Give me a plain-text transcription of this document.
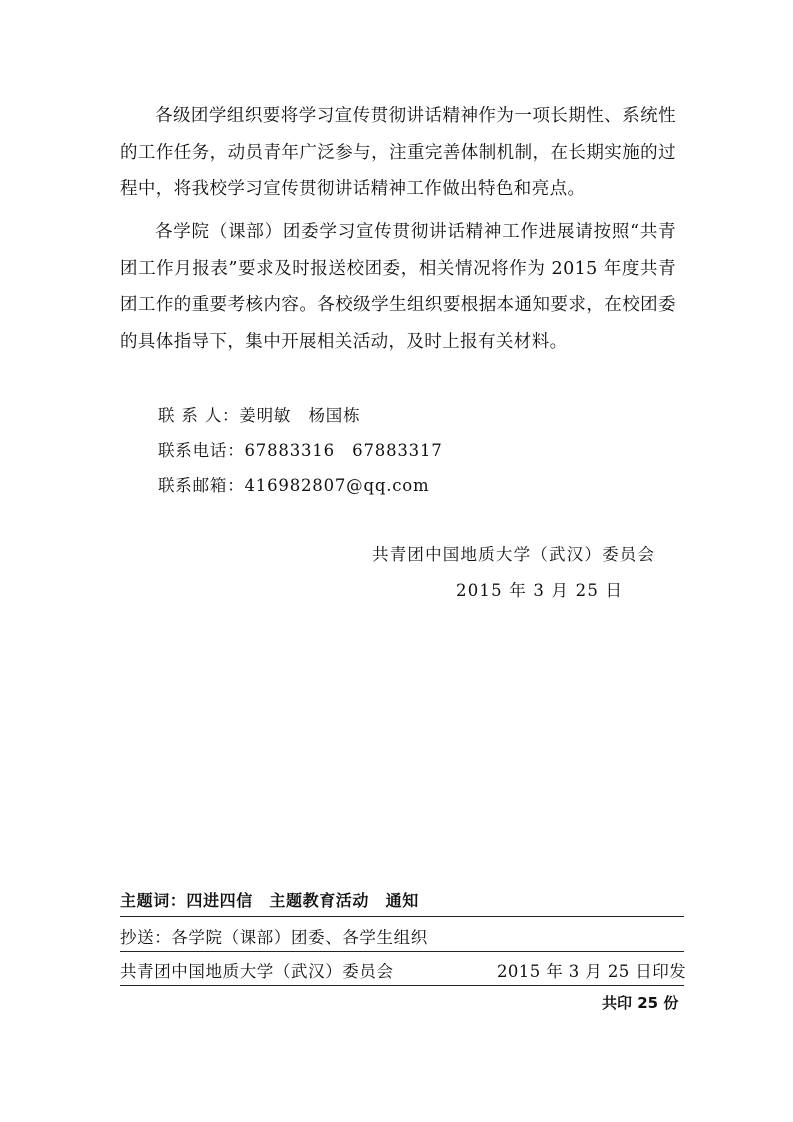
各级团学组织要将学习宣传贯彻讲话精神作为一项长期性、系统性的工作任务，动员青年广泛参与，注重完善体制机制，在长期实施的过程中，将我校学习宣传贯彻讲话精神工作做出特色和亮点。

各学院（课部）团委学习宣传贯彻讲话精神工作进展请按照“共青团工作月报表”要求及时报送校团委，相关情况将作为 2015 年度共青团工作的重要考核内容。各校级学生组织要根据本通知要求，在校团委的具体指导下，集中开展相关活动，及时上报有关材料。

联 系 人：姜明敏　杨国栋
联系电话：67883316　67883317
联系邮箱：416982807@qq.com
共青团中国地质大学（武汉）委员会
2015 年 3 月 25 日
主题词：四进四信　主题教育活动　通知
抄送：各学院（课部）团委、各学生组织
共青团中国地质大学（武汉）委员会	2015 年 3 月 25 日印发
共印 25 份
